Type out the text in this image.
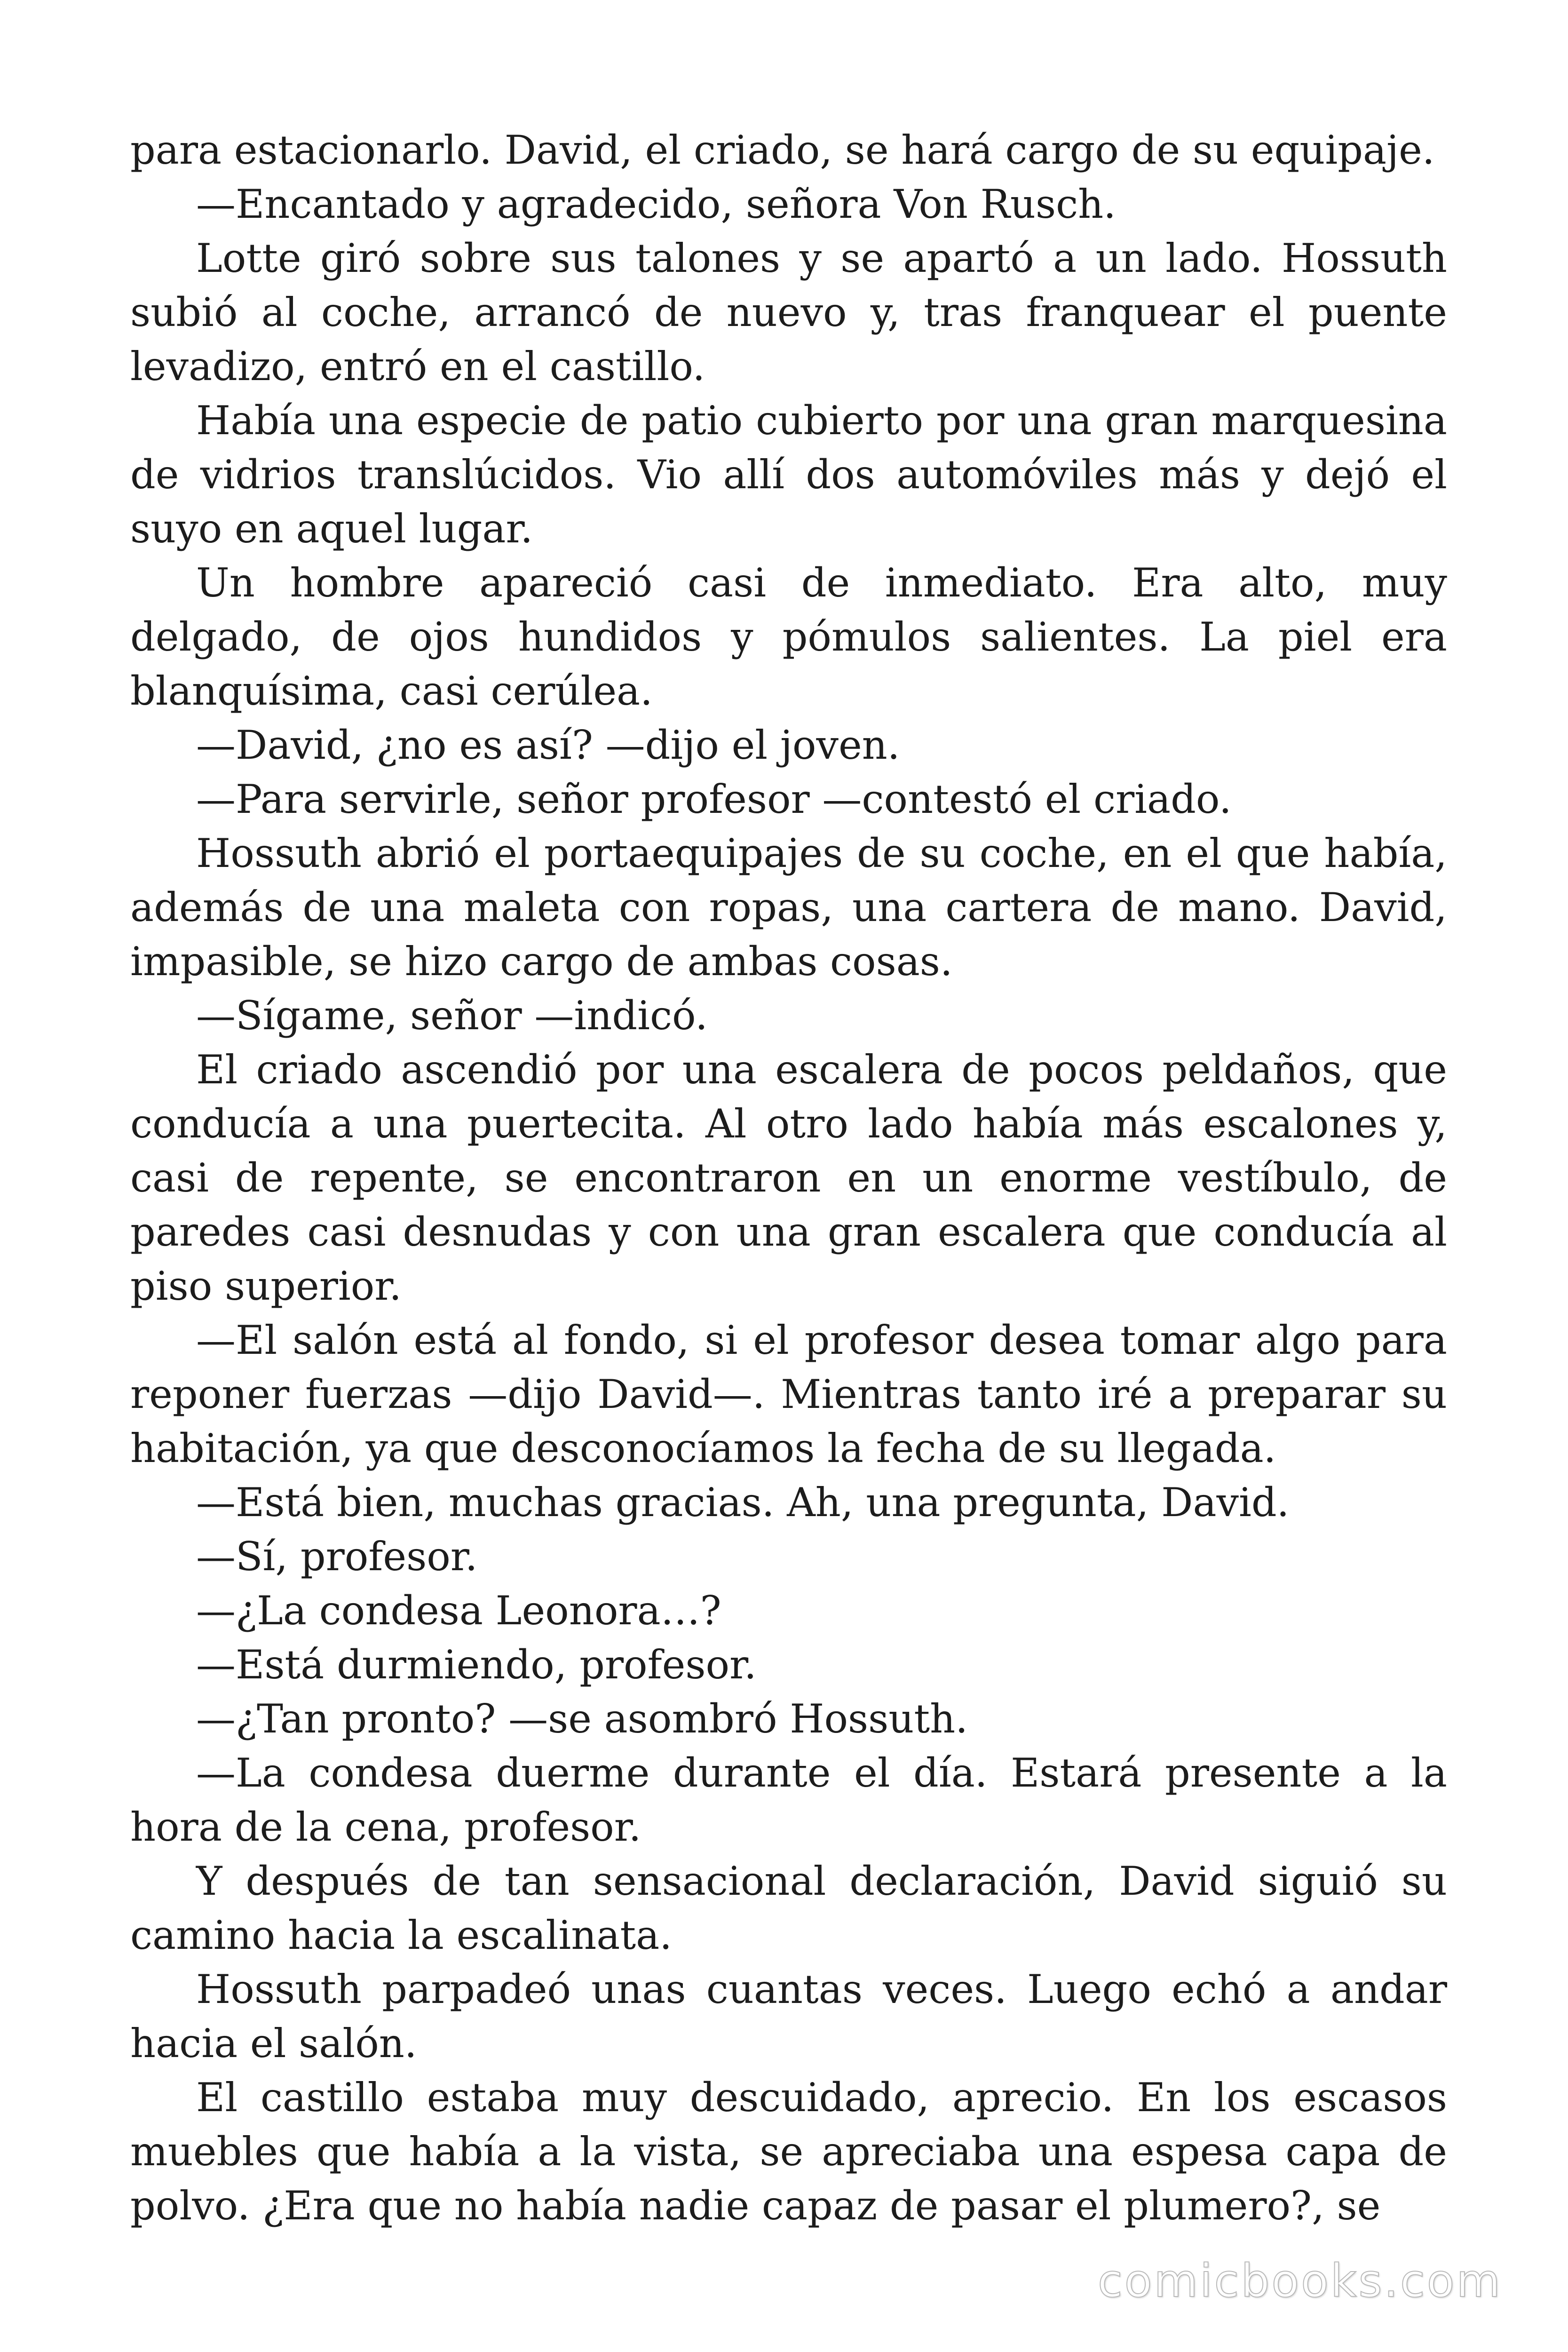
para estacionarlo. David, el criado, se hará cargo de su equipaje.

—Encantado y agradecido, señora Von Rusch.

Lotte giró sobre sus talones y se apartó a un lado. Hossuth subió al coche, arrancó de nuevo y, tras franquear el puente levadizo, entró en el castillo.

Había una especie de patio cubierto por una gran marquesina de vidrios translúcidos. Vio allí dos automóviles más y dejó el suyo en aquel lugar.

Un hombre apareció casi de inmediato. Era alto, muy delgado, de ojos hundidos y pómulos salientes. La piel era blanquísima, casi cerúlea.

—David, ¿no es así? —dijo el joven.

—Para servirle, señor profesor —contestó el criado.

Hossuth abrió el portaequipajes de su coche, en el que había, además de una maleta con ropas, una cartera de mano. David, impasible, se hizo cargo de ambas cosas.

—Sígame, señor —indicó.

El criado ascendió por una escalera de pocos peldaños, que conducía a una puertecita. Al otro lado había más escalones y, casi de repente, se encontraron en un enorme vestíbulo, de paredes casi desnudas y con una gran escalera que conducía al piso superior.

—El salón está al fondo, si el profesor desea tomar algo para reponer fuerzas —dijo David—. Mientras tanto iré a preparar su habitación, ya que desconocíamos la fecha de su llegada.

—Está bien, muchas gracias. Ah, una pregunta, David.

—Sí, profesor.

—¿La condesa Leonora…?

—Está durmiendo, profesor.

—¿Tan pronto? —se asombró Hossuth.

—La condesa duerme durante el día. Estará presente a la hora de la cena, profesor.

Y después de tan sensacional declaración, David siguió su camino hacia la escalinata.

Hossuth parpadeó unas cuantas veces. Luego echó a andar hacia el salón.

El castillo estaba muy descuidado, aprecio. En los escasos muebles que había a la vista, se apreciaba una espesa capa de polvo. ¿Era que no había nadie capaz de pasar el plumero?, se

comicbooks.com
